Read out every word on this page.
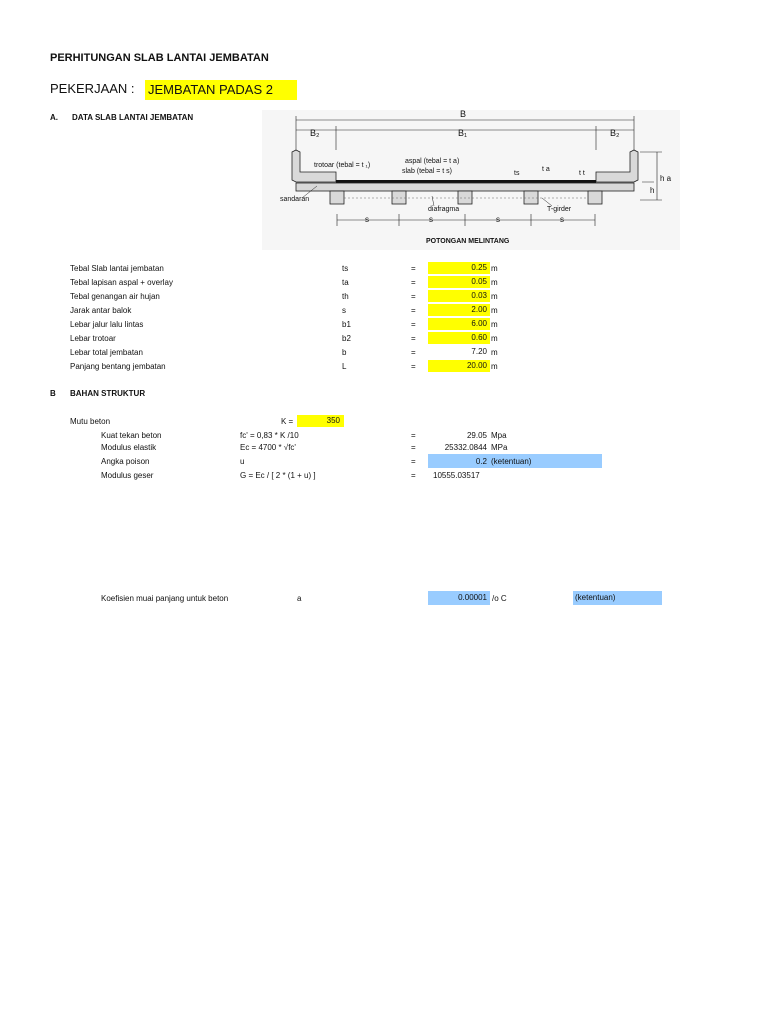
PERHITUNGAN SLAB LANTAI JEMBATAN
PEKERJAAN : JEMBATAN PADAS 2
A. DATA SLAB LANTAI JEMBATAN	B
B₂	B₁	B₂
trotoar (tebal = t ₁)
aspal (tebal = t a)
slab (tebal = t s)	ts
t a
t t
h a
h
sandaran
diafragma	T-girder
s	s	s	s
POTONGAN MELINTANG
Tebal Slab lantai jembatan	ts	=	0.25 m
Tebal lapisan aspal + overlay	ta	=	0.05 m
Tebal genangan air hujan	th	=	0.03 m
Jarak antar balok	s	=	2.00 m
Lebar jalur lalu lintas	b1	=	6.00 m
Lebar trotoar	b2	=	0.60 m
Lebar total jembatan	b	=	7.20 m
Panjang bentang jembatan	L	=	20.00 m
B BAHAN STRUKTUR
Mutu beton	K =	350
Kuat tekan beton	fc' = 0,83 * K /10	=	29.05 Mpa
Modulus elastik	Ec = 4700 * √fc'	=	25332.0844 MPa
Angka poison	u	=	0.2 (ketentuan)
Modulus geser	G = Ec / [ 2 * (1 + u) ]	= 10555.03517
Koefisien muai panjang untuk beton	a	0.00001 /o C	(ketentuan)
